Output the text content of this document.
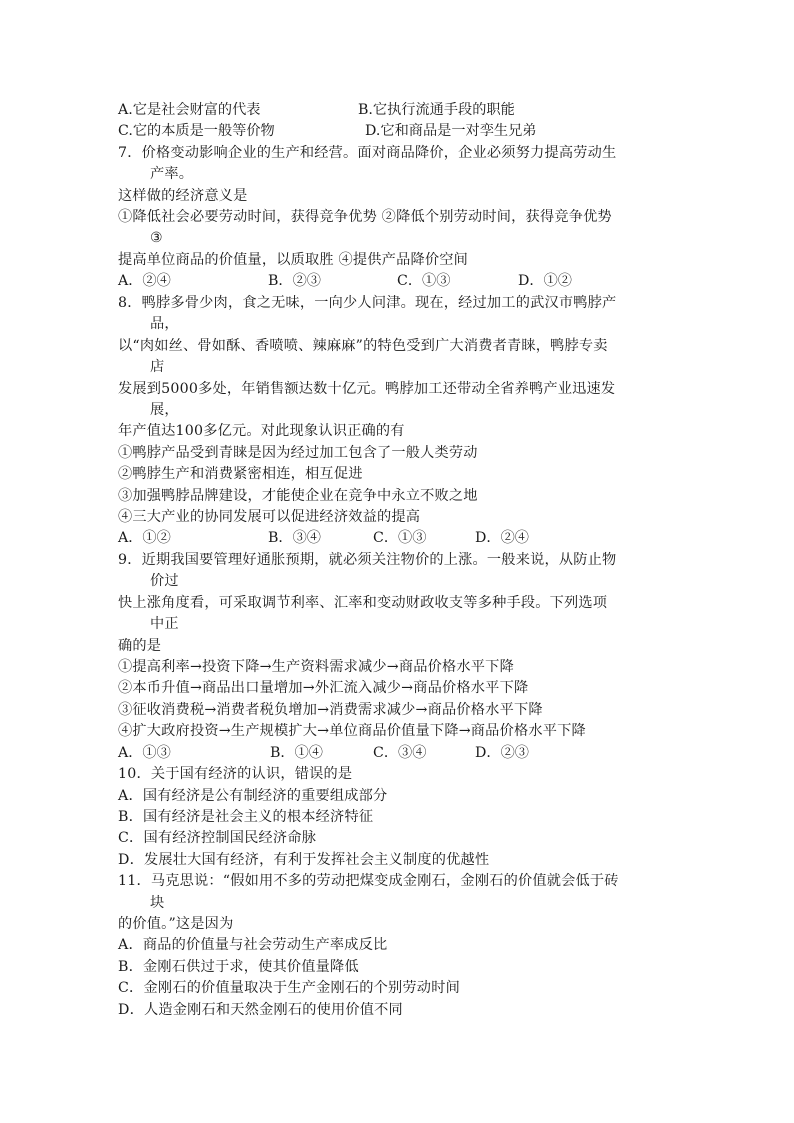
A.它是社会财富的代表	B.它执行流通手段的职能
C.它的本质是一般等价物	D.它和商品是一对孪生兄弟
7．价格变动影响企业的生产和经营。面对商品降价，企业必须努力提高劳动生
产率。
这样做的经济意义是
①降低社会必要劳动时间，获得竞争优势 ②降低个别劳动时间，获得竞争优势
③
提高单位商品的价值量，以质取胜 ④提供产品降价空间
A．②④	B．②③	C．①③	D．①②
8．鸭脖多骨少肉，食之无味，一向少人问津。现在，经过加工的武汉市鸭脖产
品，
以“肉如丝、骨如酥、香喷喷、辣麻麻”的特色受到广大消费者青睐，鸭脖专卖
店
发展到5000多处，年销售额达数十亿元。鸭脖加工还带动全省养鸭产业迅速发
展，
年产值达100多亿元。对此现象认识正确的有
①鸭脖产品受到青睐是因为经过加工包含了一般人类劳动
②鸭脖生产和消费紧密相连，相互促进
③加强鸭脖品牌建设，才能使企业在竞争中永立不败之地
④三大产业的协同发展可以促进经济效益的提高
A．①②	B．③④	C．①③	D．②④
9．近期我国要管理好通胀预期，就必须关注物价的上涨。一般来说，从防止物
价过
快上涨角度看，可采取调节利率、汇率和变动财政收支等多种手段。下列选项
中正
确的是
①提高利率→投资下降→生产资料需求减少→商品价格水平下降
②本币升值→商品出口量增加→外汇流入减少→商品价格水平下降
③征收消费税→消费者税负增加→消费需求减少→商品价格水平下降
④扩大政府投资→生产规模扩大→单位商品价值量下降→商品价格水平下降
A．①③	B．①④	C．③④	D．②③
10．关于国有经济的认识，错误的是
A．国有经济是公有制经济的重要组成部分
B．国有经济是社会主义的根本经济特征
C．国有经济控制国民经济命脉
D．发展壮大国有经济，有利于发挥社会主义制度的优越性
11．马克思说：“假如用不多的劳动把煤变成金刚石，金刚石的价值就会低于砖
块
的价值。”这是因为
A．商品的价值量与社会劳动生产率成反比
B．金刚石供过于求，使其价值量降低
C．金刚石的价值量取决于生产金刚石的个别劳动时间
D．人造金刚石和天然金刚石的使用价值不同
